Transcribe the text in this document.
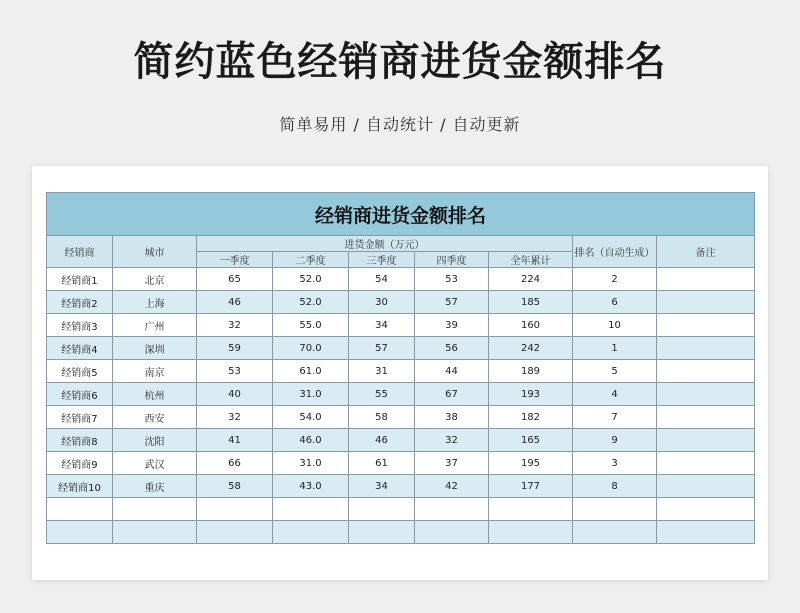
简约蓝色经销商进货金额排名
简单易用 / 自动统计 / 自动更新
经销商进货金额排名								
经销商	城市	进货金额（万元）					排名（自动生成）	备注
		一季度	二季度	三季度	四季度	全年累计		
经销商1	北京	65	52.0	54	53	224	2	
经销商2	上海	46	52.0	30	57	185	6	
经销商3	广州	32	55.0	34	39	160	10	
经销商4	深圳	59	70.0	57	56	242	1	
经销商5	南京	53	61.0	31	44	189	5	
经销商6	杭州	40	31.0	55	67	193	4	
经销商7	西安	32	54.0	58	38	182	7	
经销商8	沈阳	41	46.0	46	32	165	9	
经销商9	武汉	66	31.0	61	37	195	3	
经销商10	重庆	58	43.0	34	42	177	8	
